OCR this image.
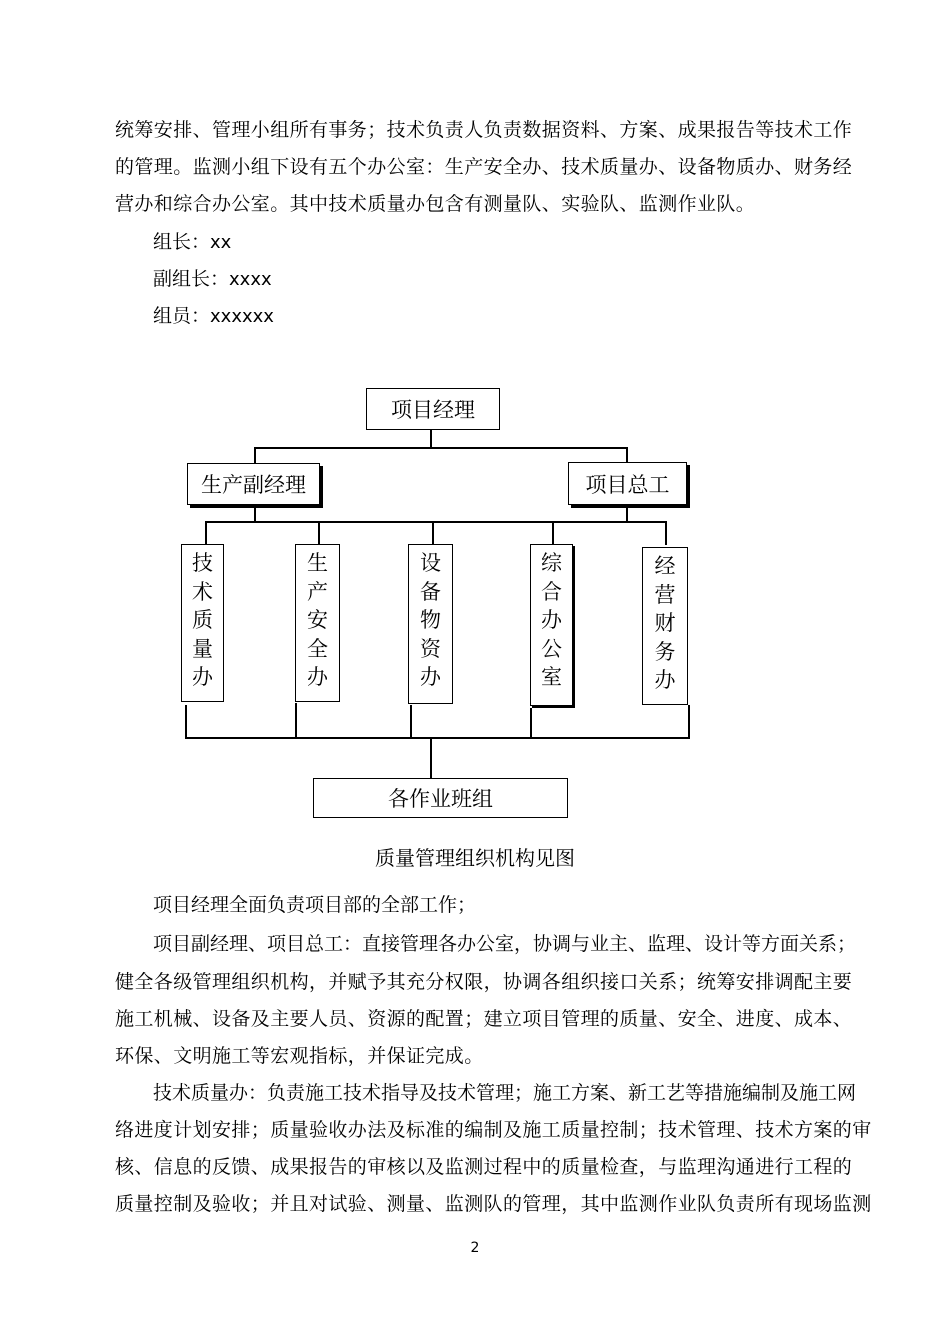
统筹安排、管理小组所有事务；技术负责人负责数据资料、方案、成果报告等技术工作
的管理。监测小组下设有五个办公室：生产安全办、技术质量办、设备物质办、财务经
营办和综合办公室。其中技术质量办包含有测量队、实验队、监测作业队。
组长：xx
副组长：xxxx
组员：xxxxxx
项目经理
生产副经理	项目总工
技
术
质
量
办
生
产
安
全
办
设
备
物
资
办
综
合
办
公
室
经
营
财
务
办
各作业班组
质量管理组织机构见图
项目经理全面负责项目部的全部工作；
项目副经理、项目总工：直接管理各办公室，协调与业主、监理、设计等方面关系；
健全各级管理组织机构，并赋予其充分权限，协调各组织接口关系；统筹安排调配主要
施工机械、设备及主要人员、资源的配置；建立项目管理的质量、安全、进度、成本、
环保、文明施工等宏观指标，并保证完成。
技术质量办：负责施工技术指导及技术管理；施工方案、新工艺等措施编制及施工网
络进度计划安排；质量验收办法及标准的编制及施工质量控制；技术管理、技术方案的审
核、信息的反馈、成果报告的审核以及监测过程中的质量检查，与监理沟通进行工程的
质量控制及验收；并且对试验、测量、监测队的管理，其中监测作业队负责所有现场监测
2
